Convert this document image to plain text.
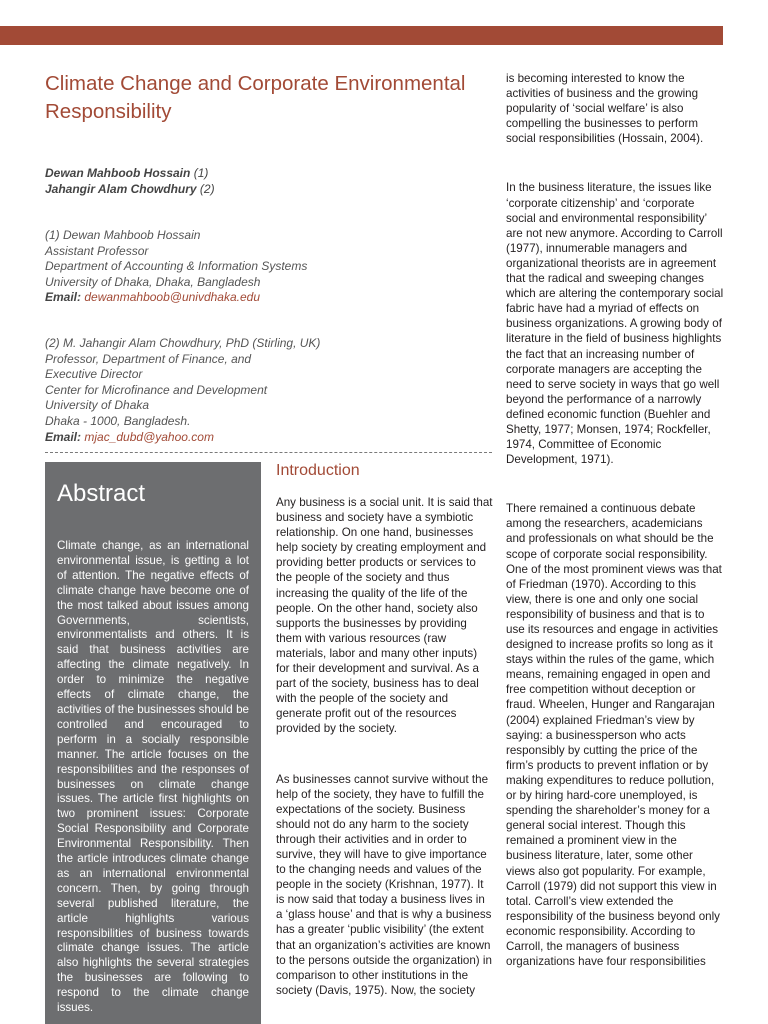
Climate Change and Corporate Environmental Responsibility
Dewan Mahboob Hossain (1)
Jahangir Alam Chowdhury (2)
(1) Dewan Mahboob Hossain
Assistant Professor
Department of Accounting & Information Systems
University of Dhaka, Dhaka, Bangladesh
Email: dewanmahboob@univdhaka.edu
(2) M. Jahangir Alam Chowdhury, PhD (Stirling, UK)
Professor, Department of Finance, and
Executive Director
Center for Microfinance and Development
University of Dhaka
Dhaka - 1000, Bangladesh.
Email: mjac_dubd@yahoo.com
Abstract

Climate change, as an international environmental issue, is getting a lot of attention. The negative effects of climate change have become one of the most talked about issues among Governments, scientists, environmentalists and others. It is said that business activities are affecting the climate negatively. In order to minimize the negative effects of climate change, the activities of the businesses should be controlled and encouraged to perform in a socially responsible manner. The article focuses on the responsibilities and the responses of businesses on climate change issues. The article first highlights on two prominent issues: Corporate Social Responsibility and Corporate Environmental Responsibility. Then the article introduces climate change as an international environmental concern. Then, by going through several published literature, the article highlights various responsibilities of business towards climate change issues. The article also highlights the several strategies the businesses are following to respond to the climate change issues.

Introduction

Any business is a social unit. It is said that business and society have a symbiotic relationship. On one hand, businesses help society by creating employment and providing better products or services to the people of the society and thus increasing the quality of the life of the people. On the other hand, society also supports the businesses by providing them with various resources (raw materials, labor and many other inputs) for their development and survival. As a part of the society, business has to deal with the people of the society and generate profit out of the resources provided by the society.

As businesses cannot survive without the help of the society, they have to fulfill the expectations of the society. Business should not do any harm to the society through their activities and in order to survive, they will have to give importance to the changing needs and values of the people in the society (Krishnan, 1977). It is now said that today a business lives in a ‘glass house’ and that is why a business has a greater ‘public visibility’ (the extent that an organization’s activities are known to the persons outside the organization) in comparison to other institutions in the society (Davis, 1975). Now, the society

is becoming interested to know the activities of business and the growing popularity of ‘social welfare’ is also compelling the businesses to perform social responsibilities (Hossain, 2004).

In the business literature, the issues like ‘corporate citizenship’ and ‘corporate social and environmental responsibility’ are not new anymore. According to Carroll (1977), innumerable managers and organizational theorists are in agreement that the radical and sweeping changes which are altering the contemporary social fabric have had a myriad of effects on business organizations. A growing body of literature in the field of business highlights the fact that an increasing number of corporate managers are accepting the need to serve society in ways that go well beyond the performance of a narrowly defined economic function (Buehler and Shetty, 1977; Monsen, 1974; Rockfeller, 1974, Committee of Economic Development, 1971).

There remained a continuous debate among the researchers, academicians and professionals on what should be the scope of corporate social responsibility. One of the most prominent views was that of Friedman (1970). According to this view, there is one and only one social responsibility of business and that is to use its resources and engage in activities designed to increase profits so long as it stays within the rules of the game, which means, remaining engaged in open and free competition without deception or fraud. Wheelen, Hunger and Rangarajan (2004) explained Friedman’s view by saying: a businessperson who acts responsibly by cutting the price of the firm’s products to prevent inflation or by making expenditures to reduce pollution, or by hiring hard-core unemployed, is spending the shareholder’s money for a general social interest. Though this remained a prominent view in the business literature, later, some other views also got popularity. For example, Carroll (1979) did not support this view in total. Carroll’s view extended the responsibility of the business beyond only economic responsibility. According to Carroll, the managers of business organizations have four responsibilities
